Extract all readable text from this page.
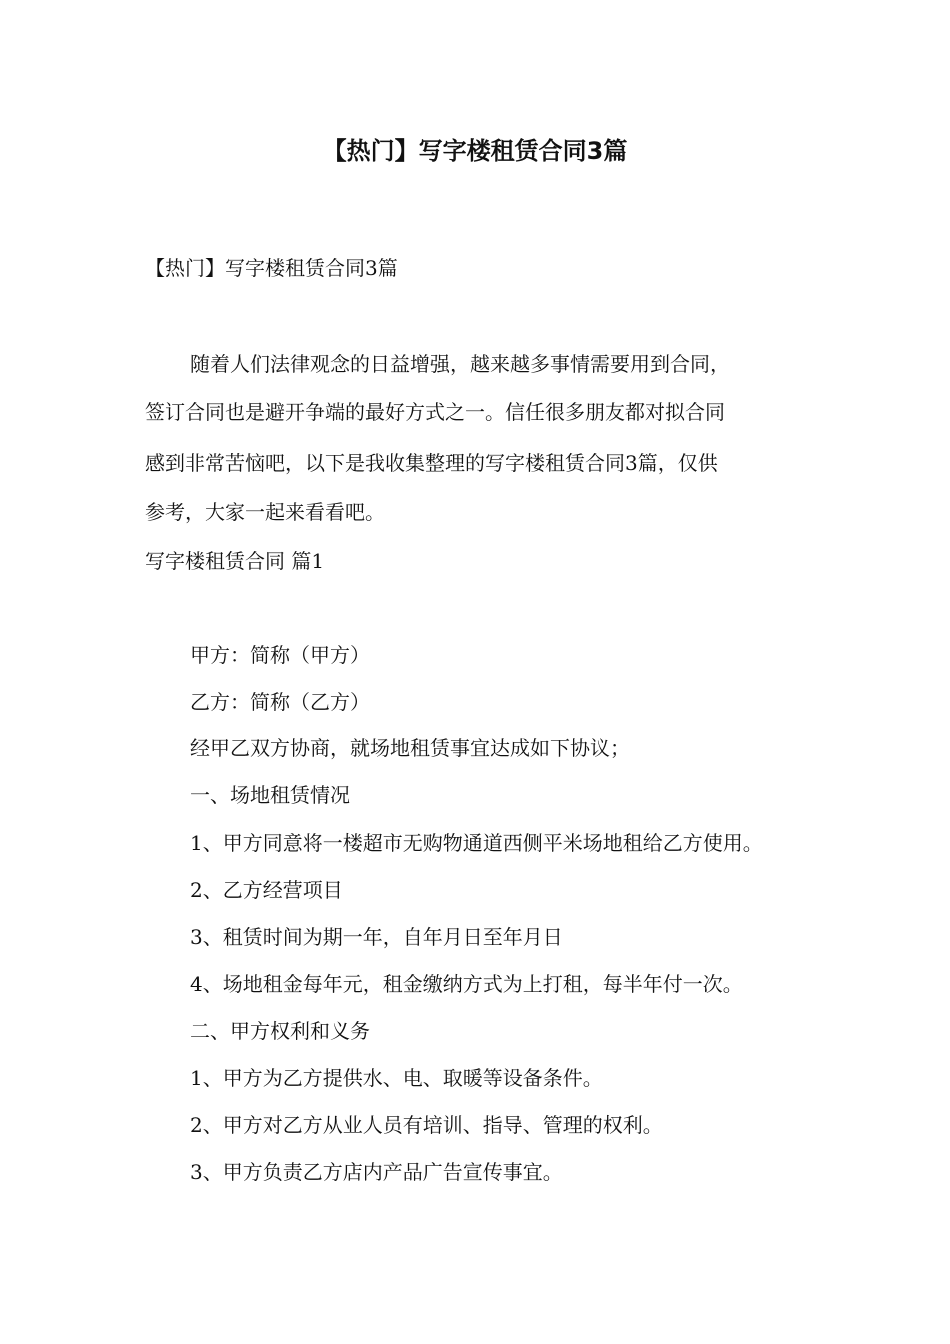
【热门】写字楼租赁合同3篇

【热门】写字楼租赁合同3篇

随着人们法律观念的日益增强，越来越多事情需要用到合同，

签订合同也是避开争端的最好方式之一。信任很多朋友都对拟合同

感到非常苦恼吧，以下是我收集整理的写字楼租赁合同3篇，仅供

参考，大家一起来看看吧。

写字楼租赁合同 篇1

甲方：简称（甲方）

乙方：简称（乙方）

经甲乙双方协商，就场地租赁事宜达成如下协议；

一、场地租赁情况

1、甲方同意将一楼超市无购物通道西侧平米场地租给乙方使用。

2、乙方经营项目

3、租赁时间为期一年，自年月日至年月日

4、场地租金每年元，租金缴纳方式为上打租，每半年付一次。

二、甲方权利和义务

1、甲方为乙方提供水、电、取暖等设备条件。

2、甲方对乙方从业人员有培训、指导、管理的权利。

3、甲方负责乙方店内产品广告宣传事宜。
